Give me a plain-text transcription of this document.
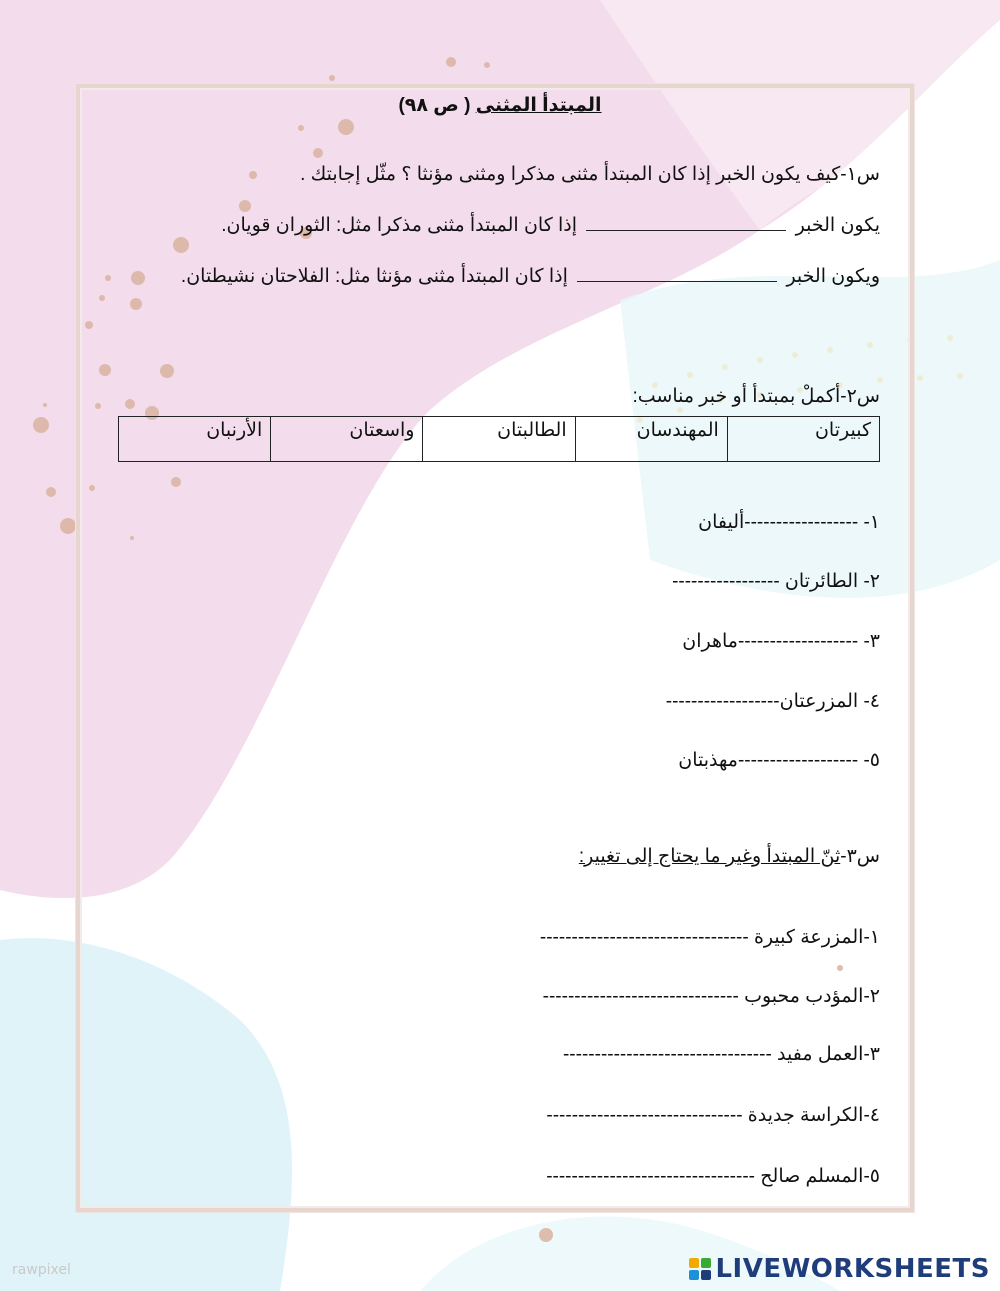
المبتدأ المثنى ( ص ٩٨)
س١-كيف يكون الخبر إذا كان المبتدأ مثنى مذكرا ومثنى مؤنثا ؟ مثّل إجابتك .
يكون الخبر  إذا كان المبتدأ مثنى مذكرا مثل: الثوران قويان.
ويكون الخبر  إذا كان المبتدأ مثنى مؤنثا مثل: الفلاحتان نشيطتان.
س٢-أكملْ بمبتدأ أو خبر مناسب:
كبيرتان	المهندسان	الطالبتان	واسعتان	الأرنبان
١- ------------------أليفان
٢- الطائرتان -----------------
٣- -------------------ماهران
٤- المزرعتان------------------
٥- -------------------مهذبتان
س٣-ثنّ المبتدأ وغير ما يحتاج إلى تغيير:
١-المزرعة كبيرة ---------------------------------
٢-المؤدب محبوب -------------------------------
٣-العمل مفيد ---------------------------------
٤-الكراسة جديدة -------------------------------
٥-المسلم صالح ---------------------------------
rawpixel	LIVEWORKSHEETS
